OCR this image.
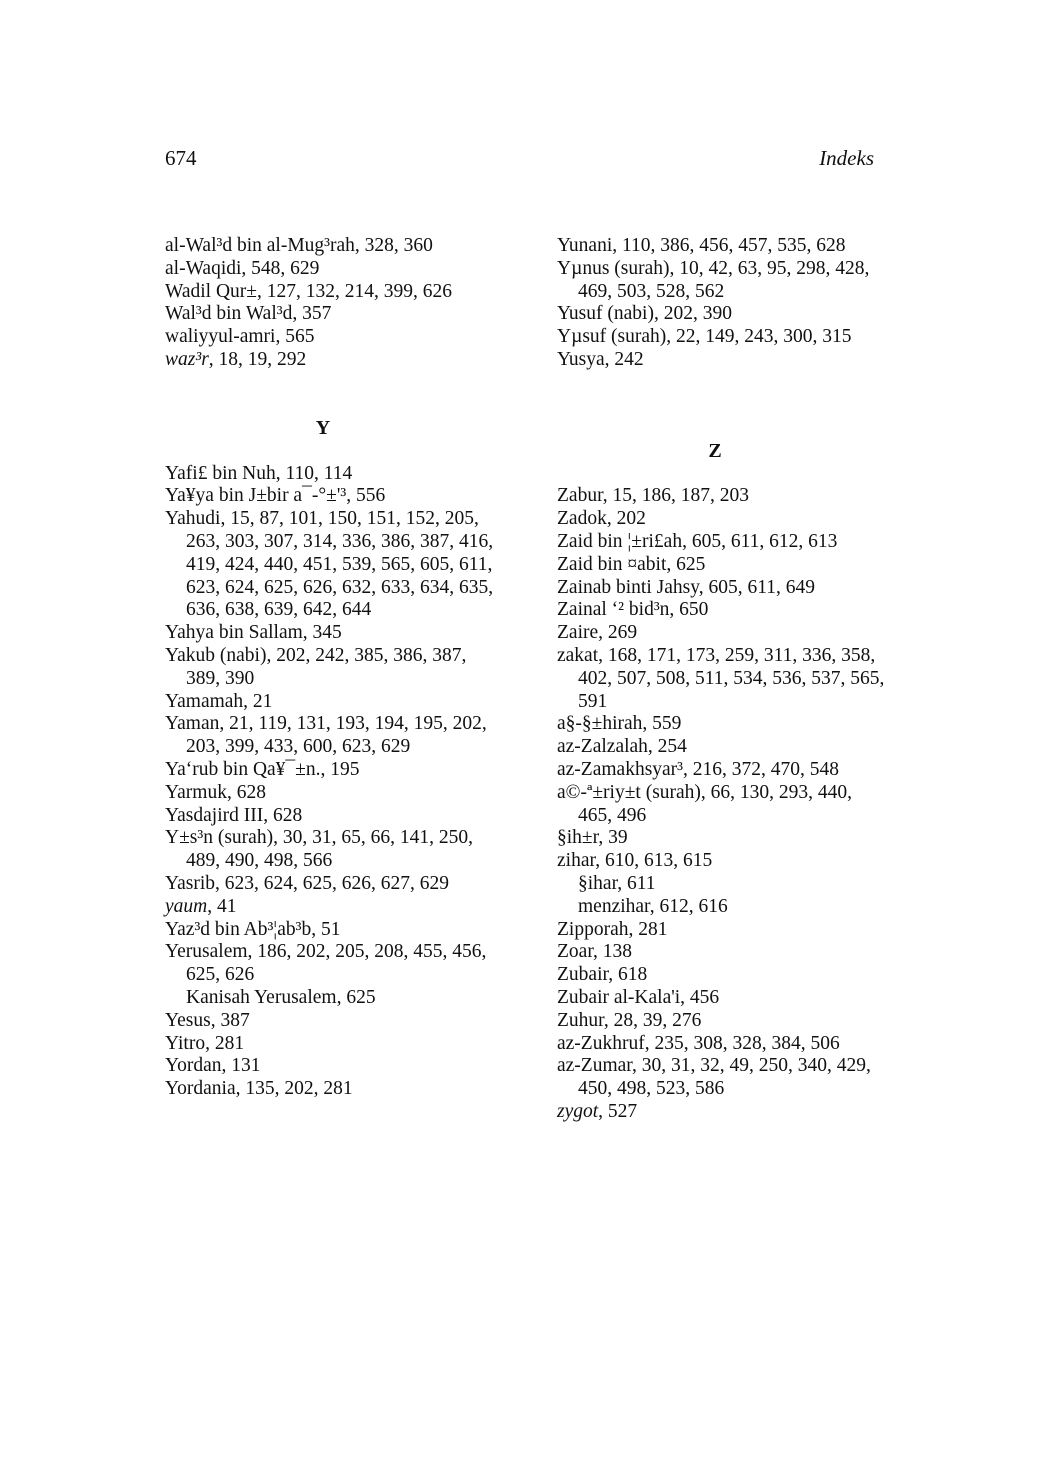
674	Indeks
al-Wal³d bin al-Mug³rah, 328, 360
al-Waqidi, 548, 629
Wadil Qur±, 127, 132, 214, 399, 626
Wal³d bin Wal³d, 357
waliyyul-amri, 565
waz³r, 18, 19, 292
Y
Yafi£ bin Nuh, 110, 114
Ya¥ya bin J±bir a¯-°±'³, 556
Yahudi, 15, 87, 101, 150, 151, 152, 205, 263, 303, 307, 314, 336, 386, 387, 416, 419, 424, 440, 451, 539, 565, 605, 611, 623, 624, 625, 626, 632, 633, 634, 635, 636, 638, 639, 642, 644
Yahya bin Sallam, 345
Yakub (nabi), 202, 242, 385, 386, 387, 389, 390
Yamamah, 21
Yaman, 21, 119, 131, 193, 194, 195, 202, 203, 399, 433, 600, 623, 629
Ya‘rub bin Qa¥¯±n., 195
Yarmuk, 628
Yasdajird III, 628
Y±s³n (surah), 30, 31, 65, 66, 141, 250, 489, 490, 498, 566
Yasrib, 623, 624, 625, 626, 627, 629
yaum, 41
Yaz³d bin Ab³¦ab³b, 51
Yerusalem, 186, 202, 205, 208, 455, 456, 625, 626
Kanisah Yerusalem, 625
Yesus, 387
Yitro, 281
Yordan, 131
Yordania, 135, 202, 281
Yunani, 110, 386, 456, 457, 535, 628
Yµnus (surah), 10, 42, 63, 95, 298, 428, 469, 503, 528, 562
Yusuf (nabi), 202, 390
Yµsuf (surah), 22, 149, 243, 300, 315
Yusya, 242
Z
Zabur, 15, 186, 187, 203
Zadok, 202
Zaid bin ¦±ri£ah, 605, 611, 612, 613
Zaid bin ¤abit, 625
Zainab binti Jahsy, 605, 611, 649
Zainal ‘² bid³n, 650
Zaire, 269
zakat, 168, 171, 173, 259, 311, 336, 358, 402, 507, 508, 511, 534, 536, 537, 565, 591
a§-§±hirah, 559
az-Zalzalah, 254
az-Zamakhsyar³, 216, 372, 470, 548
a©-ª±riy±t (surah), 66, 130, 293, 440, 465, 496
§ih±r, 39
zihar, 610, 613, 615
§ihar, 611
menzihar, 612, 616
Zipporah, 281
Zoar, 138
Zubair, 618
Zubair al-Kala'i, 456
Zuhur, 28, 39, 276
az-Zukhruf, 235, 308, 328, 384, 506
az-Zumar, 30, 31, 32, 49, 250, 340, 429, 450, 498, 523, 586
zygot, 527
